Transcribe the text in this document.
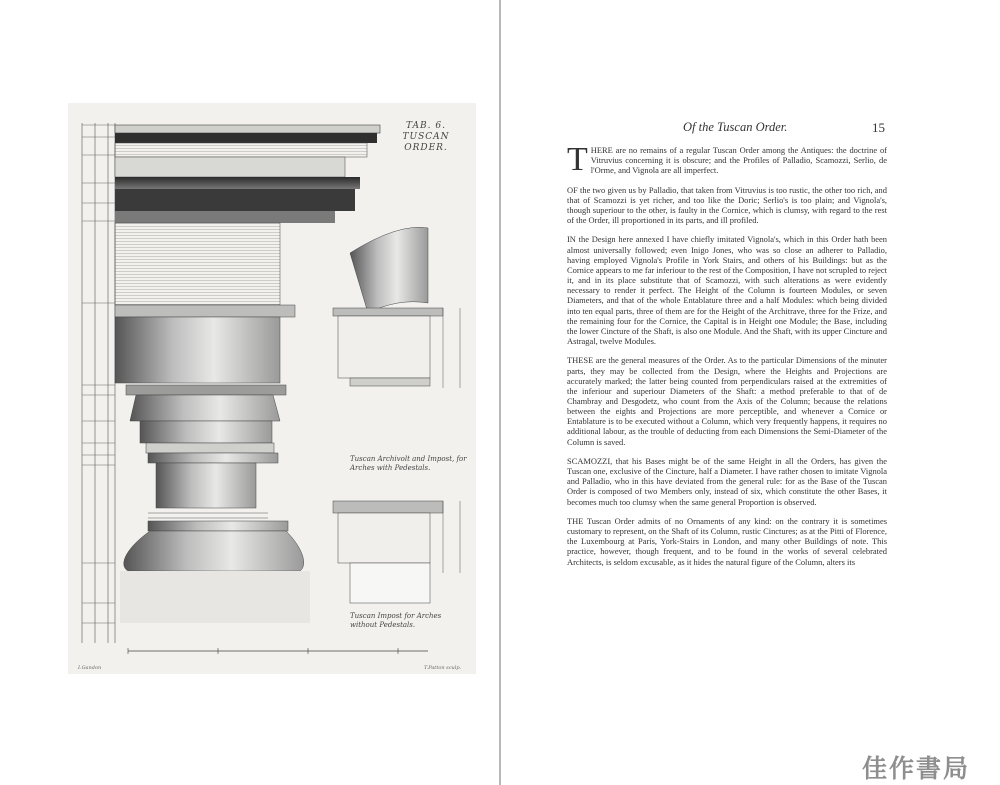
TAB. 6. TUSCAN ORDER.
Tuscan Archivolt and Impost, for Arches with Pedestals.
Tuscan Impost for Arches without Pedestals.
I.Gandon	T.Patton sculp.
Of the Tuscan Order.	15

THERE are no remains of a regular Tuscan Order among the Antiques: the doctrine of Vitruvius concerning it is obscure; and the Profiles of Palladio, Scamozzi, Serlio, de l'Orme, and Vignola are all imperfect.

OF the two given us by Palladio, that taken from Vitruvius is too rustic, the other too rich, and that of Scamozzi is yet richer, and too like the Doric; Serlio's is too plain; and Vignola's, though superiour to the other, is faulty in the Cornice, which is clumsy, with regard to the rest of the Order, ill proportioned in its parts, and ill profiled.

IN the Design here annexed I have chiefly imitated Vignola's, which in this Order hath been almost universally followed; even Inigo Jones, who was so close an adherer to Palladio, having employed Vignola's Profile in York Stairs, and others of his Buildings: but as the Cornice appears to me far inferiour to the rest of the Composition, I have not scrupled to reject it, and in its place substitute that of Scamozzi, with such alterations as were evidently necessary to render it perfect. The Height of the Column is fourteen Modules, or seven Diameters, and that of the whole Entablature three and a half Modules: which being divided into ten equal parts, three of them are for the Height of the Architrave, three for the Frize, and the remaining four for the Cornice, the Capital is in Height one Module; the Base, including the lower Cincture of the Shaft, is also one Module. And the Shaft, with its upper Cincture and Astragal, twelve Modules.

THESE are the general measures of the Order. As to the particular Dimensions of the minuter parts, they may be collected from the Design, where the Heights and Projections are accurately marked; the latter being counted from perpendiculars raised at the extremities of the inferiour and superiour Diameters of the Shaft: a method preferable to that of de Chambray and Desgodetz, who count from the Axis of the Column; because the relations between the eights and Projections are more perceptible, and whenever a Cornice or Entablature is to be executed without a Column, which very frequently happens, it requires no additional labour, as the trouble of deducting from each Dimensions the Semi-Diameter of the Column is saved.

SCAMOZZI, that his Bases might be of the same Height in all the Orders, has given the Tuscan one, exclusive of the Cincture, half a Diameter. I have rather chosen to imitate Vignola and Palladio, who in this have deviated from the general rule: for as the Base of the Tuscan Order is composed of two Members only, instead of six, which constitute the other Bases, it becomes much too clumsy when the same general Proportion is observed.

THE Tuscan Order admits of no Ornaments of any kind: on the contrary it is sometimes customary to represent, on the Shaft of its Column, rustic Cinctures; as at the Pitti of Florence, the Luxembourg at Paris, York-Stairs in London, and many other Buildings of note. This practice, however, though frequent, and to be found in the works of several celebrated Architects, is seldom excusable, as it hides the natural figure of the Column, alters its

佳作書局
